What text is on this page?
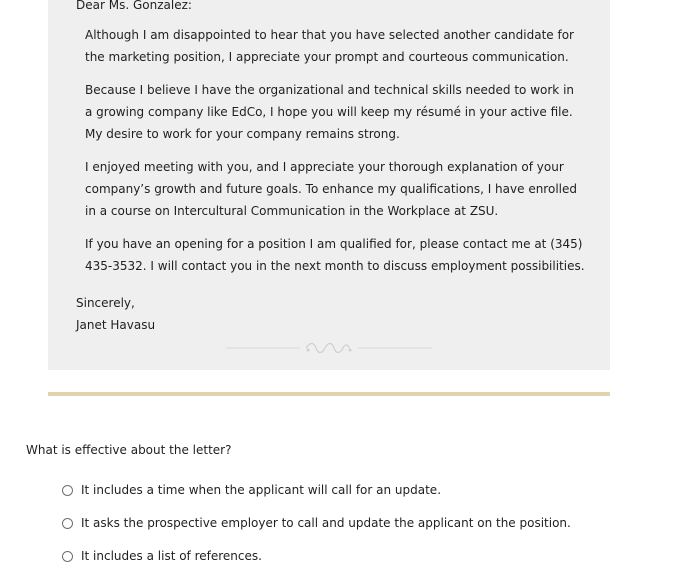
Dear Ms. Gonzalez:

Although I am disappointed to hear that you have selected another candidate for the marketing position, I appreciate your prompt and courteous communication.

Because I believe I have the organizational and technical skills needed to work in a growing company like EdCo, I hope you will keep my résumé in your active file. My desire to work for your company remains strong.

I enjoyed meeting with you, and I appreciate your thorough explanation of your company’s growth and future goals. To enhance my qualifications, I have enrolled in a course on Intercultural Communication in the Workplace at ZSU.

If you have an opening for a position I am qualified for, please contact me at (345) 435-3532. I will contact you in the next month to discuss employment possibilities.

Sincerely,
Janet Havasu
What is effective about the letter?
It includes a time when the applicant will call for an update.
It asks the prospective employer to call and update the applicant on the position.
It includes a list of references.
